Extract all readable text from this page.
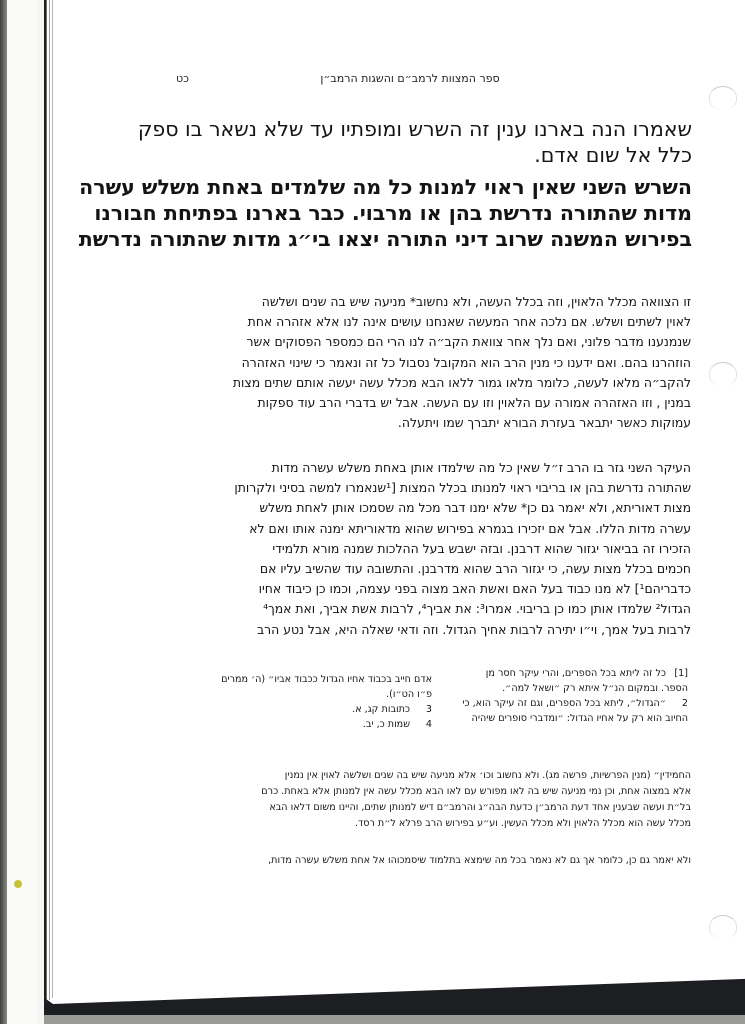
ספר המצוות לרמב״ם והשגות הרמב״ן
כט
שאמרו הנה בארנו ענין זה השרש ומופתיו עד שלא נשאר בו ספק
כלל אל שום אדם.
השרש השני שאין ראוי למנות כל מה שלמדים באחת משלש עשרה
מדות שהתורה נדרשת בהן או מרבוי. כבר בארנו בפתיחת חבורנו
בפירוש המשנה שרוב דיני התורה יצאו בי״ג מדות שהתורה נדרשת
זו הצוואה מכלל הלאוין, וזה בכלל העשה, ולא נחשוב* מניעה שיש בה שנים ושלשה
לאוין לשתים ושלש. אם נלכה אחר המעשה שאנחנו עושים אינה לנו אלא אזהרה אחת
שנמנענו מדבר פלוני, ואם נלך אחר צוואת הקב״ה לנו הרי הם כמספר הפסוקים אשר
הוזהרנו בהם. ואם ידענו כי מנין הרב הוא המקובל נסבול כל זה ונאמר כי שינוי האזהרה
להקב״ה מלאו לעשה, כלומר מלאו גמור ללאו הבא מכלל עשה יעשה אותם שתים מצות
במנין , וזו האזהרה אמורה עם הלאוין וזו עם העשה. אבל יש בדברי הרב עוד ספקות
עמוקות כאשר יתבאר בעזרת הבורא יתברך שמו ויתעלה.
העיקר השני גזר בו הרב ז״ל שאין כל מה שילמדו אותן באחת משלש עשרה מדות
שהתורה נדרשת בהן או בריבוי ראוי למנותו בכלל המצות [¹שנאמרו למשה בסיני ולקרותן
מצות דאוריתא, ולא יאמר גם כן* שלא ימנו דבר מכל מה שסמכו אותן לאחת משלש
עשרה מדות הללו. אבל אם יזכירו בגמרא בפירוש שהוא מדאוריתא ימנה אותו ואם לא
הזכירו זה בביאור יגזור שהוא דרבנן. ובזה ישבש בעל ההלכות שמנה מורא תלמידי
חכמים בכלל מצות עשה, כי יגזור הרב שהוא מדרבנן. והתשובה עוד שהשיב עליו אם
כדבריהם¹] לא מנו כבוד בעל האם ואשת האב מצוה בפני עצמה, וכמו כן כיבוד אחיו
הגדול² שלמדו אותן כמו כן בריבוי. אמרו³: את אביך⁴, לרבות אשת אביך, ואת אמך⁴
לרבות בעל אמך, וי״ו יתירה לרבות אחיך הגדול. וזה ודאי שאלה היא, אבל נטע הרב
[1]כל זה ליתא בכל הספרים, והרי עיקר חסר מן
הספר. ובמקום הנ״ל איתא רק ״ושאל למה״.
2״הגדול״, ליתא בכל הספרים, וגם זה עיקר הוא, כי
החיוב הוא רק על אחיו הגדול: ״ומדברי סופרים שיהיה
אדם חייב בכבוד אחיו הגדול ככבוד אביו״ (ה׳ ממרים
פ״ו הט״ו).
3כתובות קג, א.
4שמות כ, יב.
החמידין״ (מנין הפרשיות, פרשה מג). ולא נחשוב וכו׳ אלא מניעה שיש בה שנים ושלשה לאוין אין נמנין
אלא במצוה אחת, וכן נמי מניעה שיש בה לאו מפורש עם לאו הבא מכלל עשה אין למנותן אלא באחת. כרם
בל״ת ועשה שבענין אחד דעת הרמב״ן כדעת הבה״ג והרמב״ם דיש למנותן שתים, והיינו משום דלאו הבא
מכלל עשה הוא מכלל הלאוין ולא מכלל העשין. וע״ע בפירוש הרב פרלא ל״ת רסד.
ולא יאמר גם כן, כלומר אך גם לא נאמר בכל מה שימצא בתלמוד שיסמכוהו אל אחת משלש עשרה מדות,
